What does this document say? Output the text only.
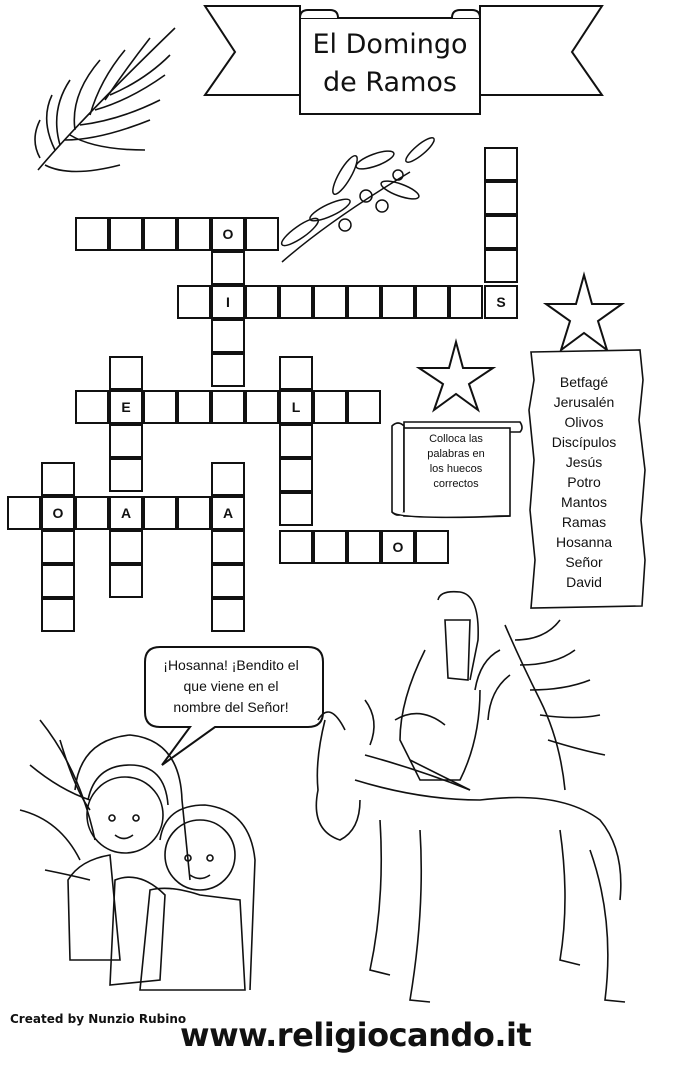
El Domingo
de Ramos
O
I	S
E	L
O	A	A
O
Colloca las
palabras en
los huecos
correctos
Betfagé
Jerusalén
Olivos
Discípulos
Jesús
Potro
Mantos
Ramas
Hosanna
Señor
David
¡Hosanna! ¡Bendito el
que viene en el
nombre del Señor!
Created by Nunzio Rubino
www.religiocando.it
